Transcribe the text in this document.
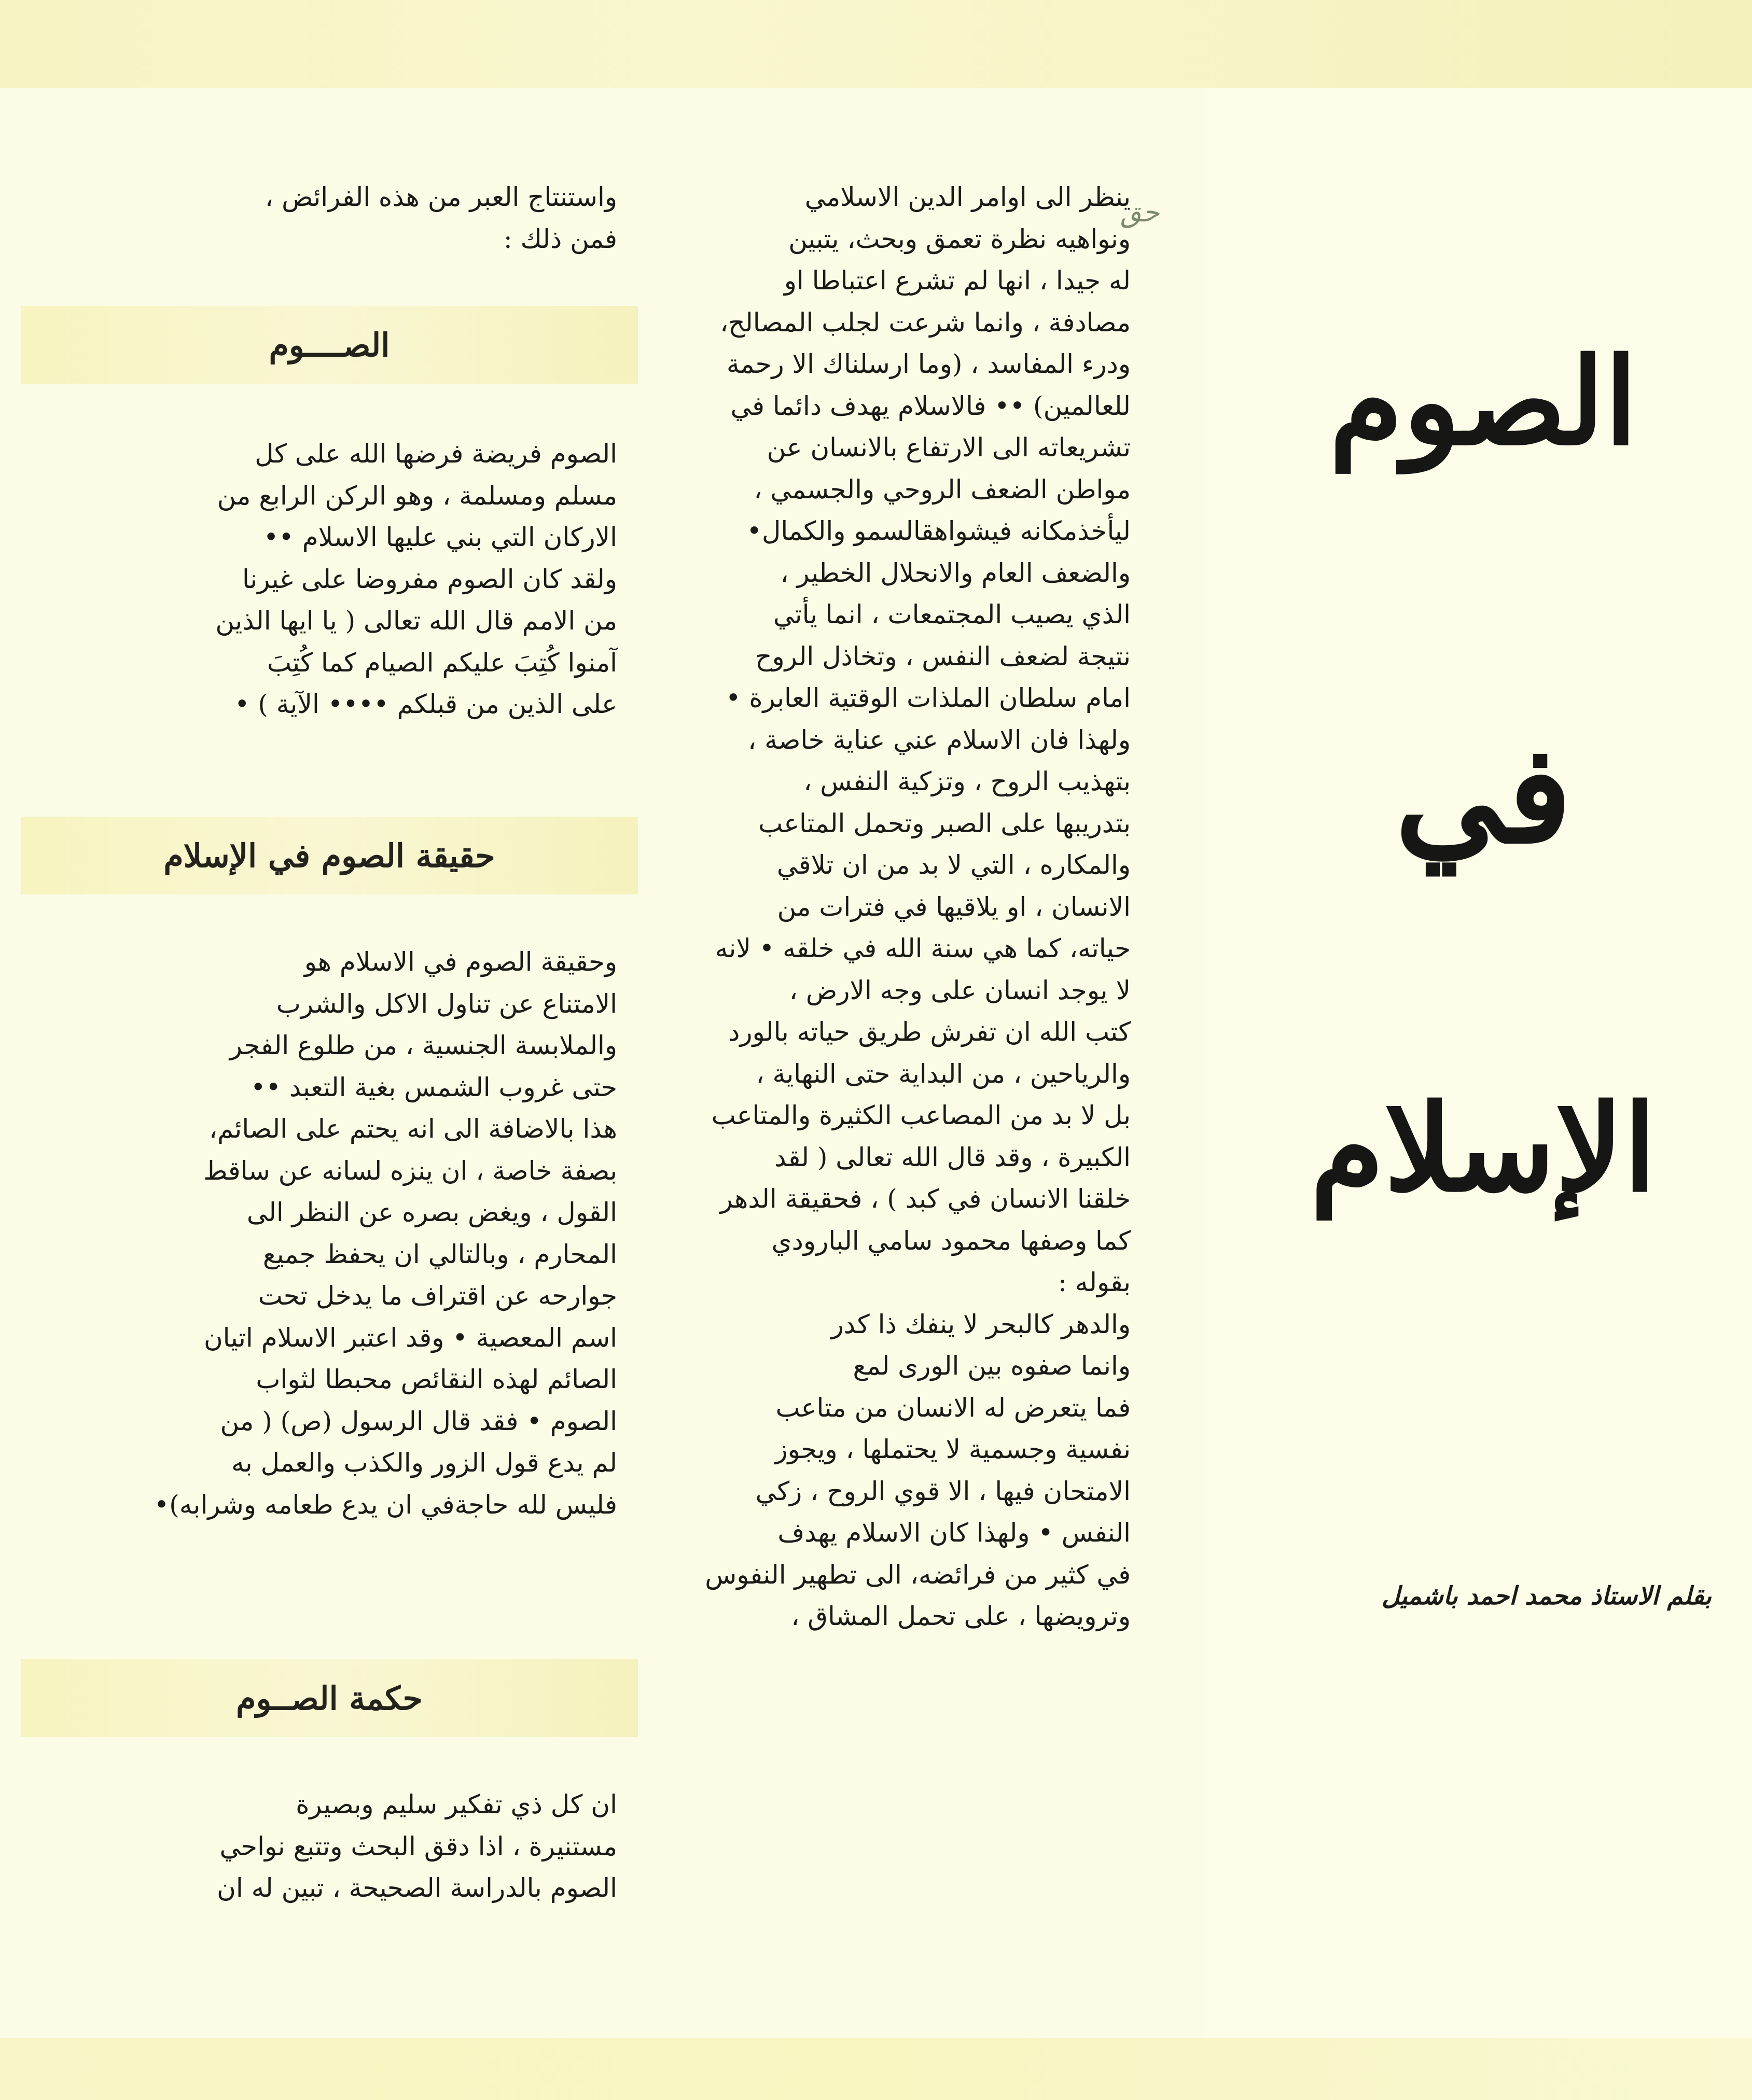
الصوم
في
الإسلام
بقلم الاستاذ محمد احمد باشميل
حق
ينظر الى اوامر الدين الاسلامي
ونواهيه نظرة تعمق وبحث، يتبين
له جيدا ، انها لم تشرع اعتباطا او
مصادفة ، وانما شرعت لجلب المصالح،
ودرء المفاسد ، (وما ارسلناك الا رحمة
للعالمين) •• فالاسلام يهدف دائما في
تشريعاته الى الارتفاع بالانسان عن
مواطن الضعف الروحي والجسمي ،
ليأخذمكانه فيشواهقالسمو والكمال•
والضعف العام والانحلال الخطير ،
الذي يصيب المجتمعات ، انما يأتي
نتيجة لضعف النفس ، وتخاذل الروح
امام سلطان الملذات الوقتية العابرة •
ولهذا فان الاسلام عني عناية خاصة ،
بتهذيب الروح ، وتزكية النفس ،
بتدريبها على الصبر وتحمل المتاعب
والمكاره ، التي لا بد من ان تلاقي
الانسان ، او يلاقيها في فترات من
حياته، كما هي سنة الله في خلقه • لانه
لا يوجد انسان على وجه الارض ،
كتب الله ان تفرش طريق حياته بالورد
والرياحين ، من البداية حتى النهاية ،
بل لا بد من المصاعب الكثيرة والمتاعب
الكبيرة ، وقد قال الله تعالى ( لقد
خلقنا الانسان في كبد ) ، فحقيقة الدهر
كما وصفها محمود سامي البارودي
بقوله :
والدهر كالبحر لا ينفك ذا كدر
وانما صفوه بين الورى لمع
فما يتعرض له الانسان من متاعب
نفسية وجسمية لا يحتملها ، ويجوز
الامتحان فيها ، الا قوي الروح ، زكي
النفس • ولهذا كان الاسلام يهدف
في كثير من فرائضه، الى تطهير النفوس
وترويضها ، على تحمل المشاق ،
واستنتاج العبر من هذه الفرائض ،
فمن ذلك :
الصوم فريضة فرضها الله على كل
مسلم ومسلمة ، وهو الركن الرابع من
الاركان التي بني عليها الاسلام ••
ولقد كان الصوم مفروضا على غيرنا
من الامم قال الله تعالى ( يا ايها الذين
آمنوا كُتِبَ عليكم الصيام كما كُتِبَ
على الذين من قبلكم •••• الآية ) •
وحقيقة الصوم في الاسلام هو
الامتناع عن تناول الاكل والشرب
والملابسة الجنسية ، من طلوع الفجر
حتى غروب الشمس بغية التعبد ••
هذا بالاضافة الى انه يحتم على الصائم،
بصفة خاصة ، ان ينزه لسانه عن ساقط
القول ، ويغض بصره عن النظر الى
المحارم ، وبالتالي ان يحفظ جميع
جوارحه عن اقتراف ما يدخل تحت
اسم المعصية • وقد اعتبر الاسلام اتيان
الصائم لهذه النقائص محبطا لثواب
الصوم • فقد قال الرسول (ص) ( من
لم يدع قول الزور والكذب والعمل به
فليس لله حاجةفي ان يدع طعامه وشرابه)•
ان كل ذي تفكير سليم وبصيرة
مستنيرة ، اذا دقق البحث وتتبع نواحي
الصوم بالدراسة الصحيحة ، تبين له ان
الصــــوم
حقيقة الصوم في الإسلام
حكمة الصــوم
